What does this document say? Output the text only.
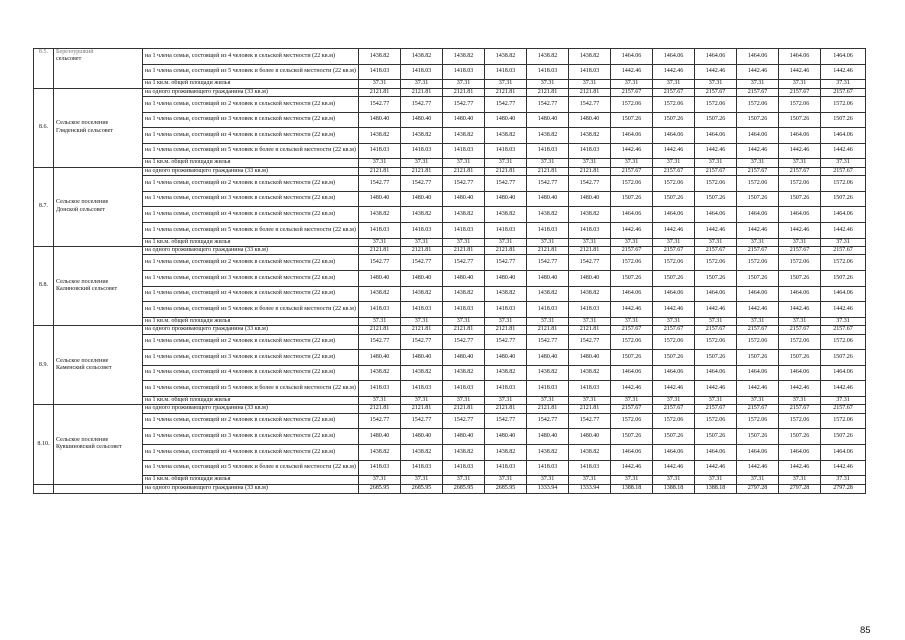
8.5.	Березоуршкий
сельсовет	на 1 члена семьи, состоящей из 4 человек в сельской местности (22 кв.м)	1438.82	1438.82	1438.82	1438.82	1438.82	1438.82	1464.06	1464.06	1464.06	1464.06	1464.06	1464.06
		на 1 члена семьи, состоящей из 5 человек и более в сельской местности (22 кв.м)	1418.03	1418.03	1418.03	1418.03	1418.03	1418.03	1442.46	1442.46	1442.46	1442.46	1442.46	1442.46
		на 1 кв.м. общей площади жилья	37.31	37.31	37.31	37.31	37.31	37.31	37.31	37.31	37.31	37.31	37.31	37.31
8.6.	Сельское поселение
Гляденский сельсовет	на одного проживающего гражданина (33 кв.м)	2121.81	2121.81	2121.81	2121.81	2121.81	2121.81	2157.67	2157.67	2157.67	2157.67	2157.67	2157.67
		на 1 члена семьи, состоящей из 2 человек в сельской местности (22 кв.м)	1542.77	1542.77	1542.77	1542.77	1542.77	1542.77	1572.06	1572.06	1572.06	1572.06	1572.06	1572.06
		на 1 члена семьи, состоящей из 3 человек в сельской местности (22 кв.м)	1480.40	1480.40	1480.40	1480.40	1480.40	1480.40	1507.26	1507.26	1507.26	1507.26	1507.26	1507.26
		на 1 члена семьи, состоящей из 4 человек в сельской местности (22 кв.м)	1438.82	1438.82	1438.82	1438.82	1438.82	1438.82	1464.06	1464.06	1464.06	1464.06	1464.06	1464.06
		на 1 члена семьи, состоящей из 5 человек и более в сельской местности (22 кв.м)	1418.03	1418.03	1418.03	1418.03	1418.03	1418.03	1442.46	1442.46	1442.46	1442.46	1442.46	1442.46
		на 1 кв.м. общей площади жилья	37.31	37.31	37.31	37.31	37.31	37.31	37.31	37.31	37.31	37.31	37.31	37.31
8.7.	Сельское поселение
Донской сельсовет	на одного проживающего гражданина (33 кв.м)	2121.81	2121.81	2121.81	2121.81	2121.81	2121.81	2157.67	2157.67	2157.67	2157.67	2157.67	2157.67
		на 1 члена семьи, состоящей из 2 человек в сельской местности (22 кв.м)	1542.77	1542.77	1542.77	1542.77	1542.77	1542.77	1572.06	1572.06	1572.06	1572.06	1572.06	1572.06
		на 1 члена семьи, состоящей из 3 человек в сельской местности (22 кв.м)	1480.40	1480.40	1480.40	1480.40	1480.40	1480.40	1507.26	1507.26	1507.26	1507.26	1507.26	1507.26
		на 1 члена семьи, состоящей из 4 человек в сельской местности (22 кв.м)	1438.82	1438.82	1438.82	1438.82	1438.82	1438.82	1464.06	1464.06	1464.06	1464.06	1464.06	1464.06
		на 1 члена семьи, состоящей из 5 человек и более в сельской местности (22 кв.м)	1418.03	1418.03	1418.03	1418.03	1418.03	1418.03	1442.46	1442.46	1442.46	1442.46	1442.46	1442.46
		на 1 кв.м. общей площади жилья	37.31	37.31	37.31	37.31	37.31	37.31	37.31	37.31	37.31	37.31	37.31	37.31
8.8.	Сельское поселение
Калиновский сельсовет	на одного проживающего гражданина (33 кв.м)	2121.81	2121.81	2121.81	2121.81	2121.81	2121.81	2157.67	2157.67	2157.67	2157.67	2157.67	2157.67
		на 1 члена семьи, состоящей из 2 человек в сельской местности (22 кв.м)	1542.77	1542.77	1542.77	1542.77	1542.77	1542.77	1572.06	1572.06	1572.06	1572.06	1572.06	1572.06
		на 1 члена семьи, состоящей из 3 человек в сельской местности (22 кв.м)	1480.40	1480.40	1480.40	1480.40	1480.40	1480.40	1507.26	1507.26	1507.26	1507.26	1507.26	1507.26
		на 1 члена семьи, состоящей из 4 человек в сельской местности (22 кв.м)	1438.82	1438.82	1438.82	1438.82	1438.82	1438.82	1464.06	1464.06	1464.06	1464.06	1464.06	1464.06
		на 1 члена семьи, состоящей из 5 человек и более в сельской местности (22 кв.м)	1418.03	1418.03	1418.03	1418.03	1418.03	1418.03	1442.46	1442.46	1442.46	1442.46	1442.46	1442.46
		на 1 кв.м. общей площади жилья	37.31	37.31	37.31	37.31	37.31	37.31	37.31	37.31	37.31	37.31	37.31	37.31
8.9.	Сельское поселение
Каменский сельсовет	на одного проживающего гражданина (33 кв.м)	2121.81	2121.81	2121.81	2121.81	2121.81	2121.81	2157.67	2157.67	2157.67	2157.67	2157.67	2157.67
		на 1 члена семьи, состоящей из 2 человек в сельской местности (22 кв.м)	1542.77	1542.77	1542.77	1542.77	1542.77	1542.77	1572.06	1572.06	1572.06	1572.06	1572.06	1572.06
		на 1 члена семьи, состоящей из 3 человек в сельской местности (22 кв.м)	1480.40	1480.40	1480.40	1480.40	1480.40	1480.40	1507.26	1507.26	1507.26	1507.26	1507.26	1507.26
		на 1 члена семьи, состоящей из 4 человек в сельской местности (22 кв.м)	1438.82	1438.82	1438.82	1438.82	1438.82	1438.82	1464.06	1464.06	1464.06	1464.06	1464.06	1464.06
		на 1 члена семьи, состоящей из 5 человек и более в сельской местности (22 кв.м)	1418.03	1418.03	1418.03	1418.03	1418.03	1418.03	1442.46	1442.46	1442.46	1442.46	1442.46	1442.46
		на 1 кв.м. общей площади жилья	37.31	37.31	37.31	37.31	37.31	37.31	37.31	37.31	37.31	37.31	37.31	37.31
8.10.	Сельское поселение
Кувшиновский сельсовет	на одного проживающего гражданина (33 кв.м)	2121.81	2121.81	2121.81	2121.81	2121.81	2121.81	2157.67	2157.67	2157.67	2157.67	2157.67	2157.67
		на 1 члена семьи, состоящей из 2 человек в сельской местности (22 кв.м)	1542.77	1542.77	1542.77	1542.77	1542.77	1542.77	1572.06	1572.06	1572.06	1572.06	1572.06	1572.06
		на 1 члена семьи, состоящей из 3 человек в сельской местности (22 кв.м)	1480.40	1480.40	1480.40	1480.40	1480.40	1480.40	1507.26	1507.26	1507.26	1507.26	1507.26	1507.26
		на 1 члена семьи, состоящей из 4 человек в сельской местности (22 кв.м)	1438.82	1438.82	1438.82	1438.82	1438.82	1438.82	1464.06	1464.06	1464.06	1464.06	1464.06	1464.06
		на 1 члена семьи, состоящей из 5 человек и более в сельской местности (22 кв.м)	1418.03	1418.03	1418.03	1418.03	1418.03	1418.03	1442.46	1442.46	1442.46	1442.46	1442.46	1442.46
		на 1 кв.м. общей площади жилья	37.31	37.31	37.31	37.31	37.31	37.31	37.31	37.31	37.31	37.31	37.31	37.31
		на одного проживающего гражданина (33 кв.м)	2685.95	2685.95	2685.95	2685.95	1333.94	1333.94	1388.18	1388.18	1388.18	2797.28	2797.28	2797.28
85
